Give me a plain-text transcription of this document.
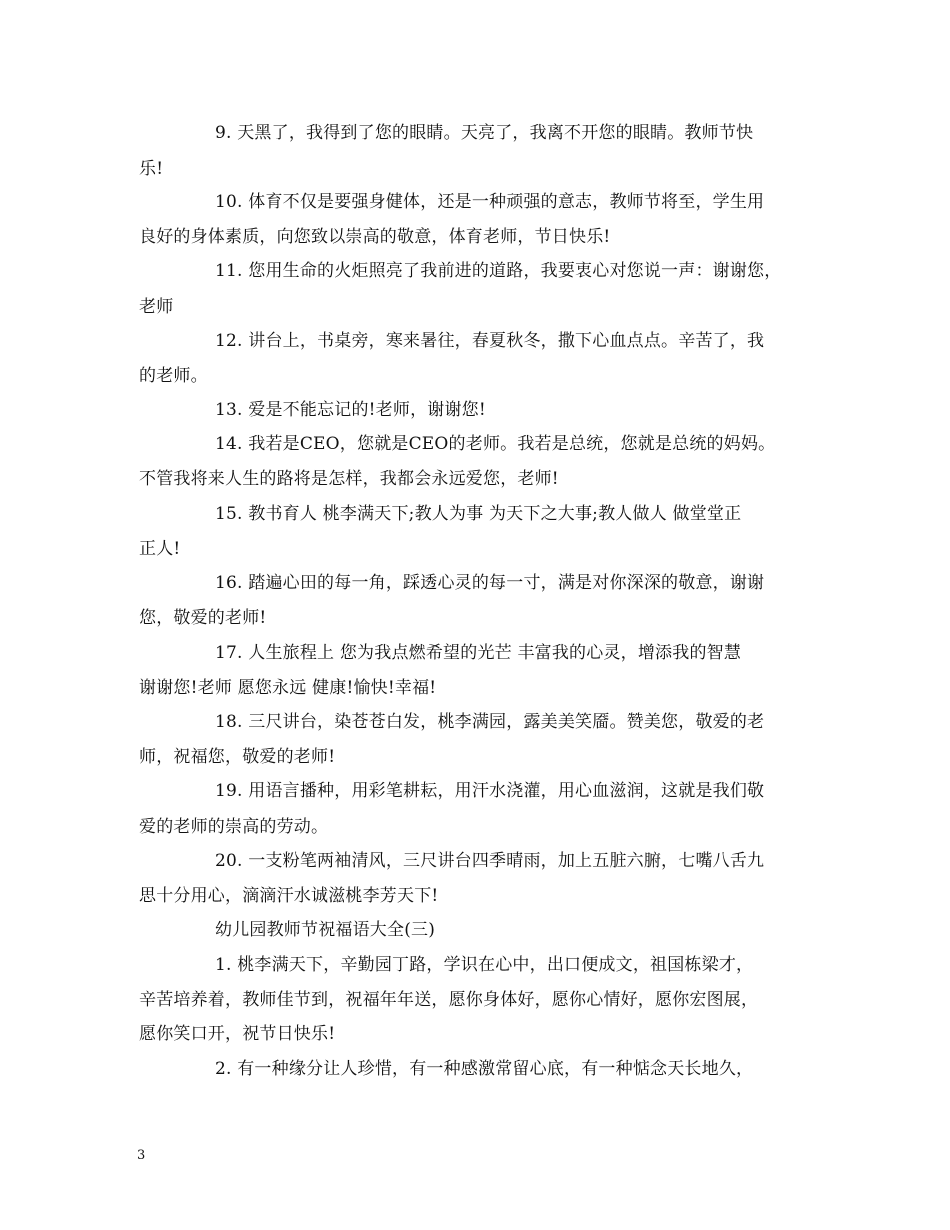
9. 天黑了，我得到了您的眼睛。天亮了，我离不开您的眼睛。教师节快
乐!
10. 体育不仅是要强身健体，还是一种顽强的意志，教师节将至，学生用
良好的身体素质，向您致以崇高的敬意，体育老师，节日快乐!
11. 您用生命的火炬照亮了我前进的道路，我要衷心对您说一声：谢谢您，
老师
12. 讲台上，书桌旁，寒来暑往，春夏秋冬，撒下心血点点。辛苦了，我
的老师。
13. 爱是不能忘记的!老师，谢谢您!
14. 我若是CEO，您就是CEO的老师。我若是总统，您就是总统的妈妈。
不管我将来人生的路将是怎样，我都会永远爱您，老师!
15. 教书育人 桃李满天下;教人为事 为天下之大事;教人做人 做堂堂正
正人!
16. 踏遍心田的每一角，踩透心灵的每一寸，满是对你深深的敬意，谢谢
您，敬爱的老师!
17. 人生旅程上 您为我点燃希望的光芒 丰富我的心灵，增添我的智慧
谢谢您!老师 愿您永远 健康!愉快!幸福!
18. 三尺讲台，染苍苍白发，桃李满园，露美美笑靥。赞美您，敬爱的老
师，祝福您，敬爱的老师!
19. 用语言播种，用彩笔耕耘，用汗水浇灌，用心血滋润，这就是我们敬
爱的老师的崇高的劳动。
20. 一支粉笔两袖清风，三尺讲台四季晴雨，加上五脏六腑，七嘴八舌九
思十分用心，滴滴汗水诚滋桃李芳天下!
幼儿园教师节祝福语大全(三)
1. 桃李满天下，辛勤园丁路，学识在心中，出口便成文，祖国栋梁才，
辛苦培养着，教师佳节到，祝福年年送，愿你身体好，愿你心情好，愿你宏图展，
愿你笑口开，祝节日快乐!
2. 有一种缘分让人珍惜，有一种感激常留心底，有一种惦念天长地久，
3
